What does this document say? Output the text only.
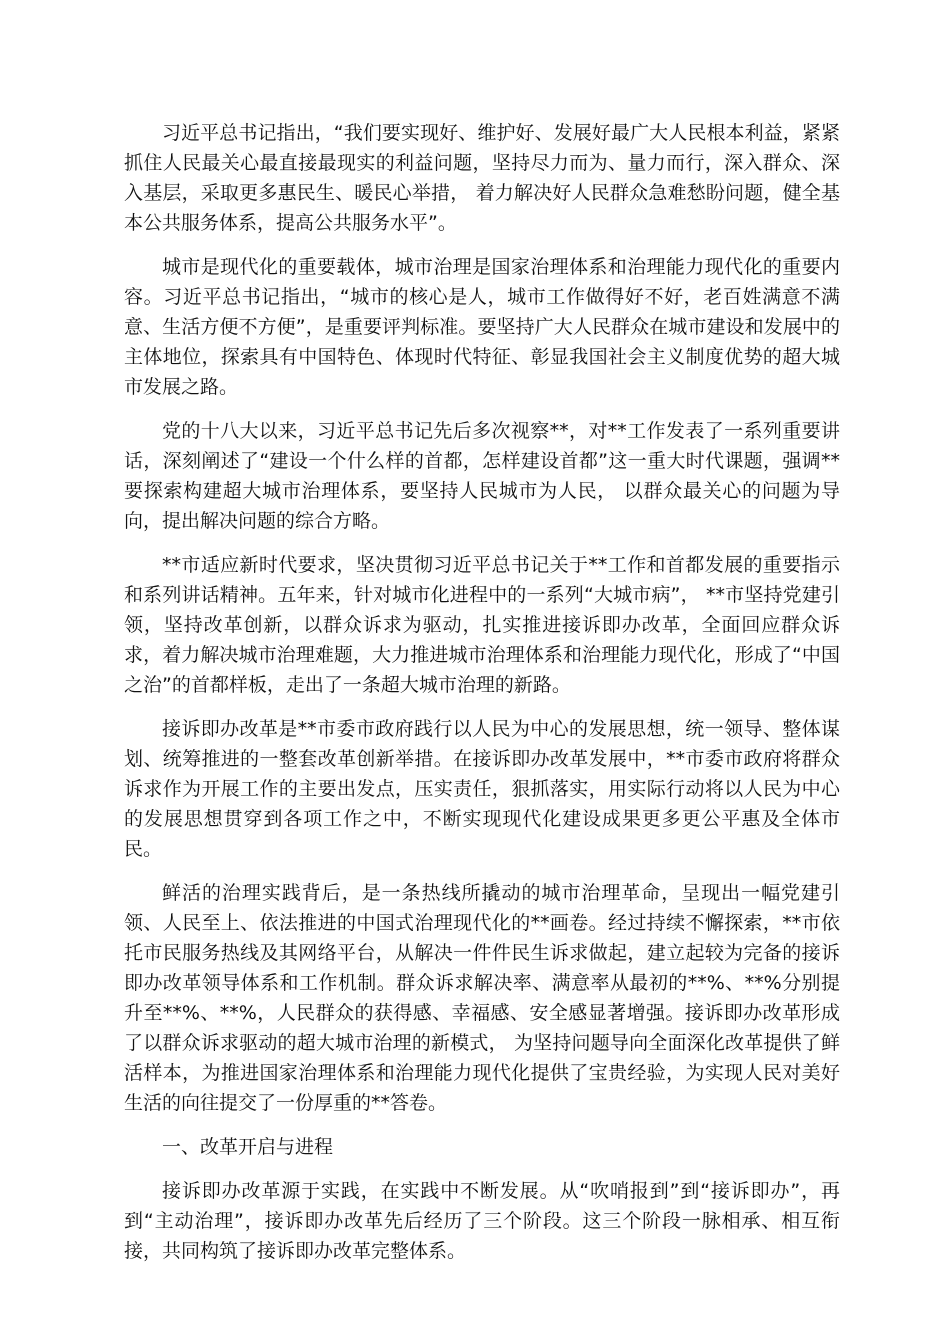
习近平总书记指出，“我们要实现好、维护好、发展好最广大人民根本利益，紧紧抓住人民最关心最直接最现实的利益问题，坚持尽力而为、量力而行，深入群众、深入基层，采取更多惠民生、暖民心举措， 着力解决好人民群众急难愁盼问题，健全基本公共服务体系，提高公共服务水平”。

城市是现代化的重要载体，城市治理是国家治理体系和治理能力现代化的重要内容。习近平总书记指出，“城市的核心是人，城市工作做得好不好，老百姓满意不满意、生活方便不方便”，是重要评判标准。要坚持广大人民群众在城市建设和发展中的主体地位，探索具有中国特色、体现时代特征、彰显我国社会主义制度优势的超大城市发展之路。

党的十八大以来，习近平总书记先后多次视察**，对**工作发表了一系列重要讲话，深刻阐述了“建设一个什么样的首都，怎样建设首都”这一重大时代课题，强调**要探索构建超大城市治理体系，要坚持人民城市为人民， 以群众最关心的问题为导向，提出解决问题的综合方略。

**市适应新时代要求，坚决贯彻习近平总书记关于**工作和首都发展的重要指示和系列讲话精神。五年来，针对城市化进程中的一系列“大城市病”， **市坚持党建引领，坚持改革创新，以群众诉求为驱动，扎实推进接诉即办改革，全面回应群众诉求，着力解决城市治理难题，大力推进城市治理体系和治理能力现代化，形成了“中国之治”的首都样板，走出了一条超大城市治理的新路。

接诉即办改革是**市委市政府践行以人民为中心的发展思想，统一领导、整体谋划、统筹推进的一整套改革创新举措。在接诉即办改革发展中，**市委市政府将群众诉求作为开展工作的主要出发点，压实责任，狠抓落实，用实际行动将以人民为中心的发展思想贯穿到各项工作之中，不断实现现代化建设成果更多更公平惠及全体市民。

鲜活的治理实践背后，是一条热线所撬动的城市治理革命，呈现出一幅党建引领、人民至上、依法推进的中国式治理现代化的**画卷。经过持续不懈探索，**市依托市民服务热线及其网络平台，从解决一件件民生诉求做起，建立起较为完备的接诉即办改革领导体系和工作机制。群众诉求解决率、满意率从最初的**%、**%分别提升至**%、**%，人民群众的获得感、幸福感、安全感显著增强。接诉即办改革形成了以群众诉求驱动的超大城市治理的新模式， 为坚持问题导向全面深化改革提供了鲜活样本，为推进国家治理体系和治理能力现代化提供了宝贵经验，为实现人民对美好生活的向往提交了一份厚重的**答卷。

一、改革开启与进程

接诉即办改革源于实践，在实践中不断发展。从“吹哨报到”到“接诉即办”，再到“主动治理”，接诉即办改革先后经历了三个阶段。这三个阶段一脉相承、相互衔接，共同构筑了接诉即办改革完整体系。
